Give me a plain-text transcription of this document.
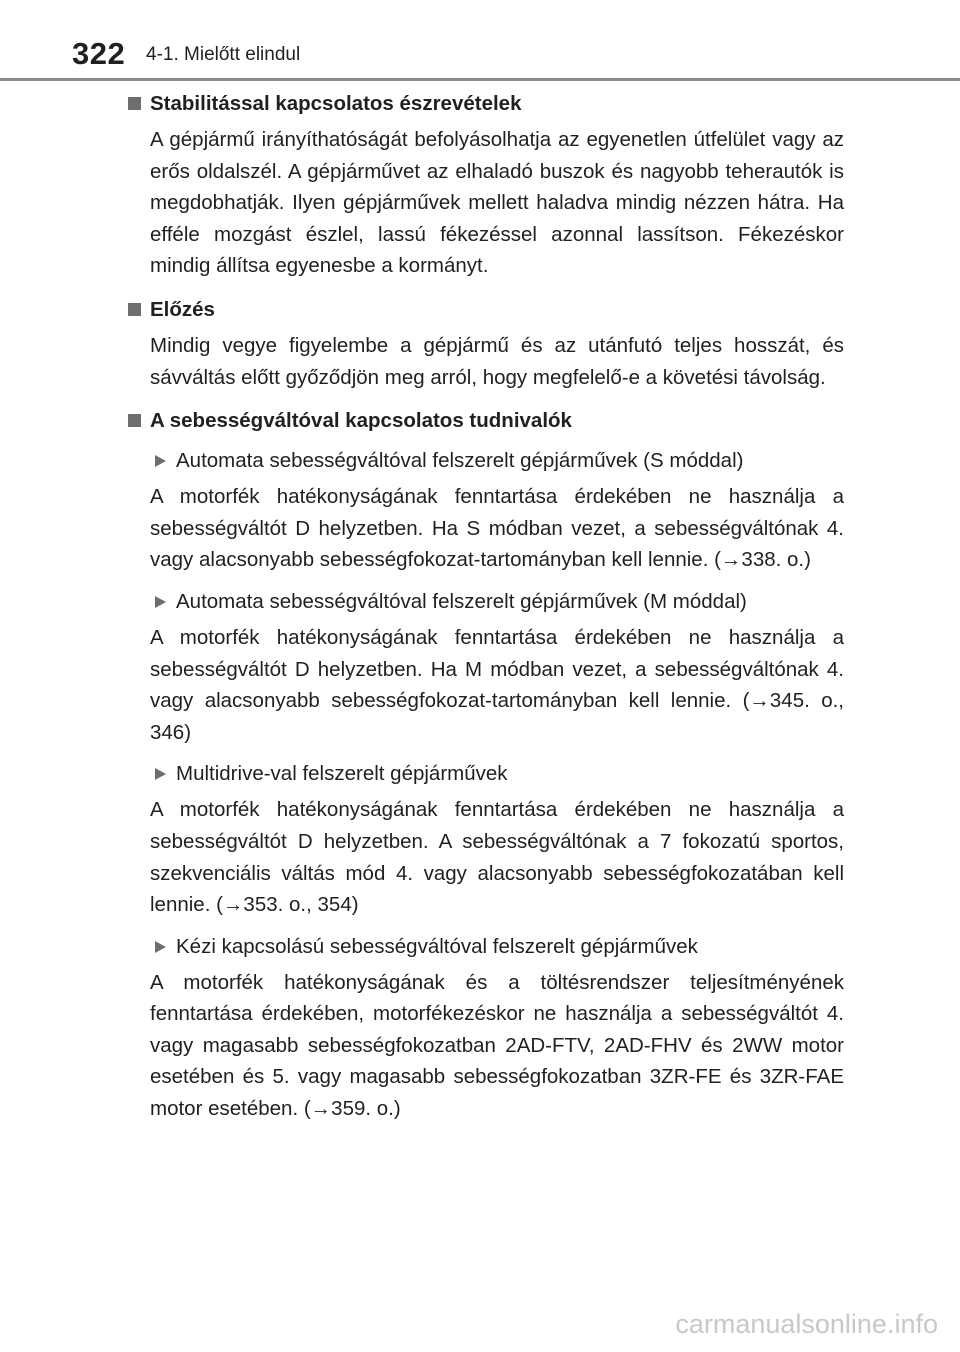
322 4-1. Mielőtt elindul
Stabilitással kapcsolatos észrevételek
A gépjármű irányíthatóságát befolyásolhatja az egyenetlen útfelület vagy az erős oldalszél. A gépjárművet az elhaladó buszok és nagyobb teherautók is megdobhatják. Ilyen gépjárművek mellett haladva mindig nézzen hátra. Ha efféle mozgást észlel, lassú fékezéssel azonnal lassítson. Fékezéskor mindig állítsa egyenesbe a kormányt.
Előzés
Mindig vegye figyelembe a gépjármű és az utánfutó teljes hosszát, és sávváltás előtt győződjön meg arról, hogy megfelelő-e a követési távolság.
A sebességváltóval kapcsolatos tudnivalók
Automata sebességváltóval felszerelt gépjárművek (S móddal)
A motorfék hatékonyságának fenntartása érdekében ne használja a sebességváltót D helyzetben. Ha S módban vezet, a sebességváltónak 4. vagy alacsonyabb sebességfokozat-tartományban kell lennie. (→338. o.)
Automata sebességváltóval felszerelt gépjárművek (M móddal)
A motorfék hatékonyságának fenntartása érdekében ne használja a sebességváltót D helyzetben. Ha M módban vezet, a sebességváltónak 4. vagy alacsonyabb sebességfokozat-tartományban kell lennie. (→345. o., 346)
Multidrive-val felszerelt gépjárművek
A motorfék hatékonyságának fenntartása érdekében ne használja a sebességváltót D helyzetben. A sebességváltónak a 7 fokozatú sportos, szekvenciális váltás mód 4. vagy alacsonyabb sebességfokozatában kell lennie. (→353. o., 354)
Kézi kapcsolású sebességváltóval felszerelt gépjárművek
A motorfék hatékonyságának és a töltésrendszer teljesítményének fenntartása érdekében, motorfékezéskor ne használja a sebességváltót 4. vagy magasabb sebességfokozatban 2AD-FTV, 2AD-FHV és 2WW motor esetében és 5. vagy magasabb sebességfokozatban 3ZR-FE és 3ZR-FAE motor esetében. (→359. o.)
carmanualsonline.info
